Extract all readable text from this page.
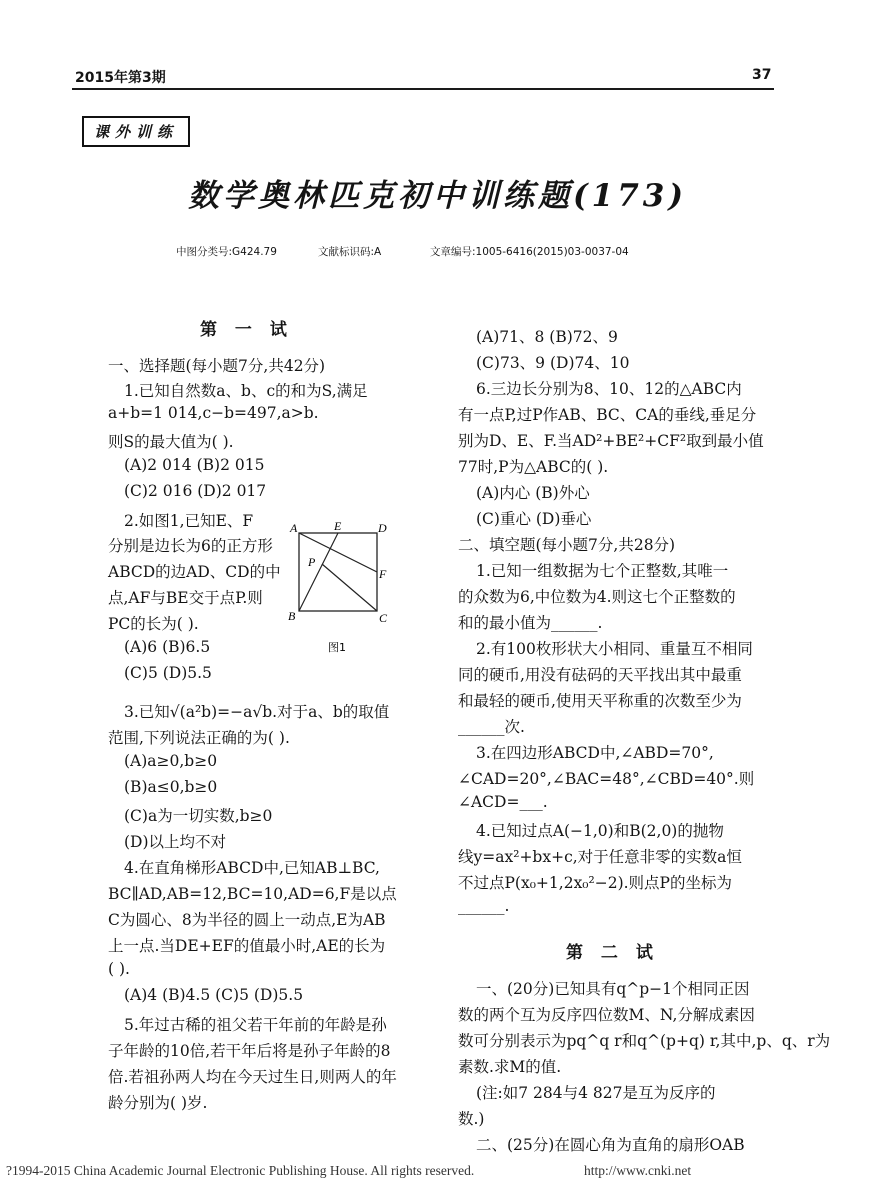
2015年第3期	37
课外训练
数学奥林匹克初中训练题(173)
中图分类号:G424.79	文献标识码:A	文章编号:1005-6416(2015)03-0037-04
第 一 试
一、选择题(每小题7分,共42分)
1.已知自然数a、b、c的和为S,满足
a+b=1 014,c−b=497,a>b.
则S的最大值为( ).
(A)2 014 (B)2 015
(C)2 016 (D)2 017
2.如图1,已知E、F
分别是边长为6的正方形
ABCD的边AD、CD的中
点,AF与BE交于点P.则
PC的长为( ).
(A)6 (B)6.5
(C)5 (D)5.5
3.已知√(a²b)=−a√b.对于a、b的取值
范围,下列说法正确的为( ).
(A)a≥0,b≥0
(B)a≤0,b≥0
(C)a为一切实数,b≥0
(D)以上均不对
4.在直角梯形ABCD中,已知AB⊥BC,
BC∥AD,AB=12,BC=10,AD=6,F是以点
C为圆心、8为半径的圆上一动点,E为AB
上一点.当DE+EF的值最小时,AE的长为
( ).
(A)4 (B)4.5 (C)5 (D)5.5
5.年过古稀的祖父若干年前的年龄是孙
子年龄的10倍,若干年后将是孙子年龄的8
倍.若祖孙两人均在今天过生日,则两人的年
龄分别为( )岁.
A	E	D
P
F
B	C
图1
(A)71、8 (B)72、9
(C)73、9 (D)74、10
6.三边长分别为8、10、12的△ABC内
有一点P,过P作AB、BC、CA的垂线,垂足分
别为D、E、F.当AD²+BE²+CF²取到最小值
77时,P为△ABC的( ).
(A)内心 (B)外心
(C)重心 (D)垂心
二、填空题(每小题7分,共28分)
1.已知一组数据为七个正整数,其唯一
的众数为6,中位数为4.则这七个正整数的
和的最小值为______.
2.有100枚形状大小相同、重量互不相同
同的硬币,用没有砝码的天平找出其中最重
和最轻的硬币,使用天平称重的次数至少为
______次.
3.在四边形ABCD中,∠ABD=70°,
∠CAD=20°,∠BAC=48°,∠CBD=40°.则
∠ACD=___.
4.已知过点A(−1,0)和B(2,0)的抛物
线y=ax²+bx+c,对于任意非零的实数a恒
不过点P(x₀+1,2x₀²−2).则点P的坐标为
______.
第 二 试
一、(20分)已知具有q^p−1个相同正因
数的两个互为反序四位数M、N,分解成素因
数可分别表示为pq^q r和q^(p+q) r,其中,p、q、r为
素数.求M的值.
(注:如7 284与4 827是互为反序的
数.)
二、(25分)在圆心角为直角的扇形OAB
?1994-2015 China Academic Journal Electronic Publishing House. All rights reserved.	http://www.cnki.net
